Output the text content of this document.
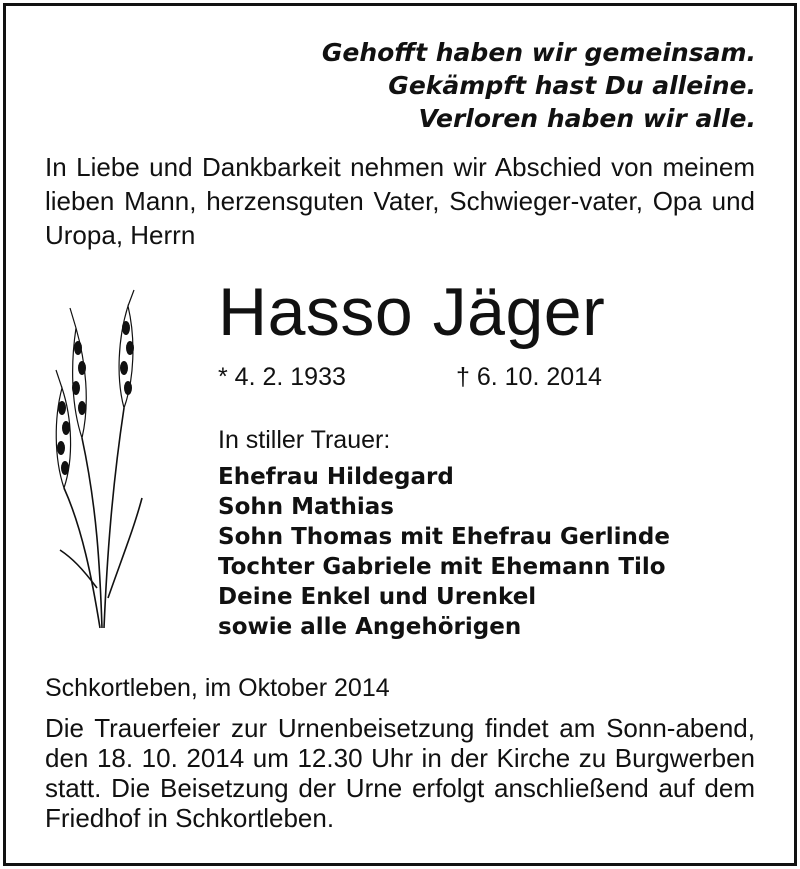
Gehofft haben wir gemeinsam.
Gekämpft hast Du alleine.
Verloren haben wir alle.
In Liebe und Dankbarkeit nehmen wir Abschied von meinem lieben Mann, herzensguten Vater, Schwieger-vater, Opa und Uropa, Herrn
Hasso Jäger
* 4. 2. 1933	† 6. 10. 2014
In stiller Trauer:
Ehefrau Hildegard
Sohn Mathias
Sohn Thomas mit Ehefrau Gerlinde
Tochter Gabriele mit Ehemann Tilo
Deine Enkel und Urenkel
sowie alle Angehörigen
Schkortleben, im Oktober 2014
Die Trauerfeier zur Urnenbeisetzung findet am Sonn-abend, den 18. 10. 2014 um 12.30 Uhr in der Kirche zu Burgwerben statt. Die Beisetzung der Urne erfolgt anschließend auf dem Friedhof in Schkortleben.
